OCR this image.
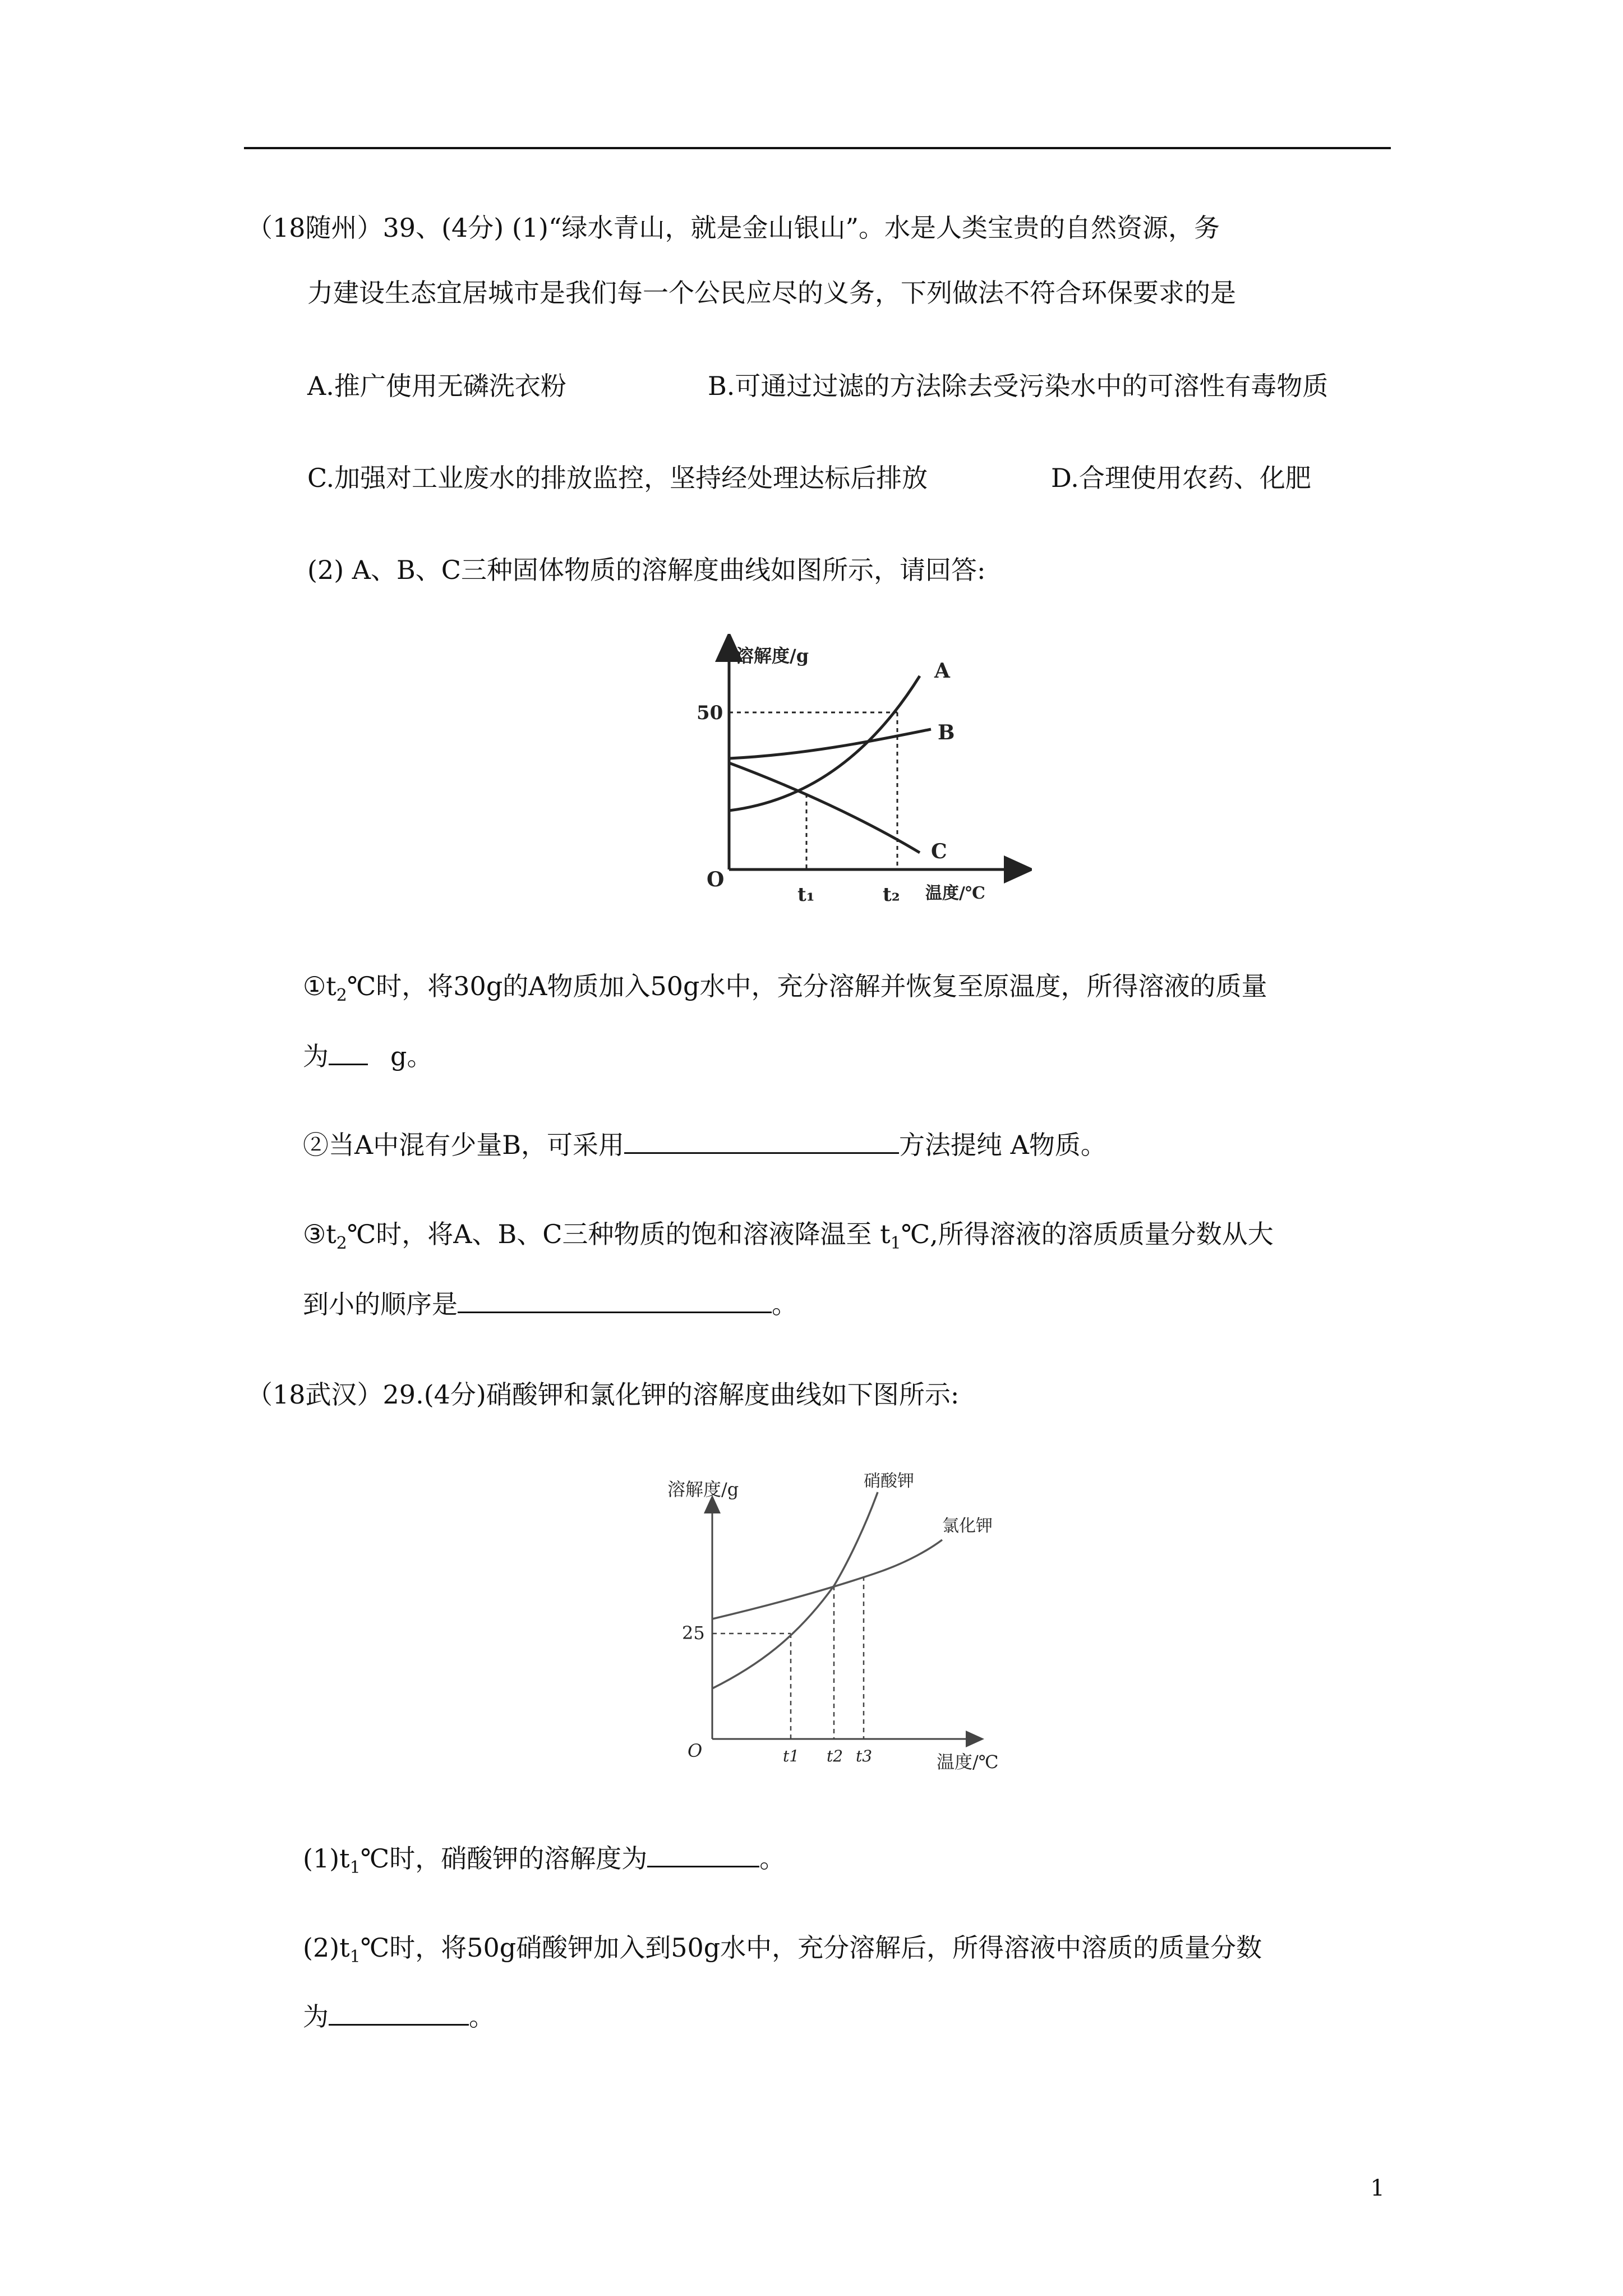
（18随州）39、(4分) (1)“绿水青山，就是金山银山”。水是人类宝贵的自然资源，务
力建设生态宜居城市是我们每一个公民应尽的义务，下列做法不符合环保要求的是
A.推广使用无磷洗衣粉	B.可通过过滤的方法除去受污染水中的可溶性有毒物质
C.加强对工业废水的排放监控，坚持经处理达标后排放	D.合理使用农药、化肥
(2) A、B、C三种固体物质的溶解度曲线如图所示，请回答:
溶解度/g
温度/℃
O
50
t₁	t₂
A
B
C
$①t_2℃$时，将30g的A物质加入50g水中，充分溶解并恢复至原温度，所得溶液的质量
为 g。
②当A中混有少量B，可采用	方法提纯 A物质。
$③t_2℃$时，将A、B、C三种物质的饱和溶液降温至 $t_1℃$,所得溶液的溶质质量分数从大
到小的顺序是	。
（18武汉）29.(4分)硝酸钾和氯化钾的溶解度曲线如下图所示:
溶解度/g
温度/℃
O
25
t1 t2 t3
硝酸钾
氯化钾
$(1)t_1℃$时，硝酸钾的溶解度为	。
$(2)t_1℃$时，将50g硝酸钾加入到50g水中，充分溶解后，所得溶液中溶质的质量分数
为	。
1
